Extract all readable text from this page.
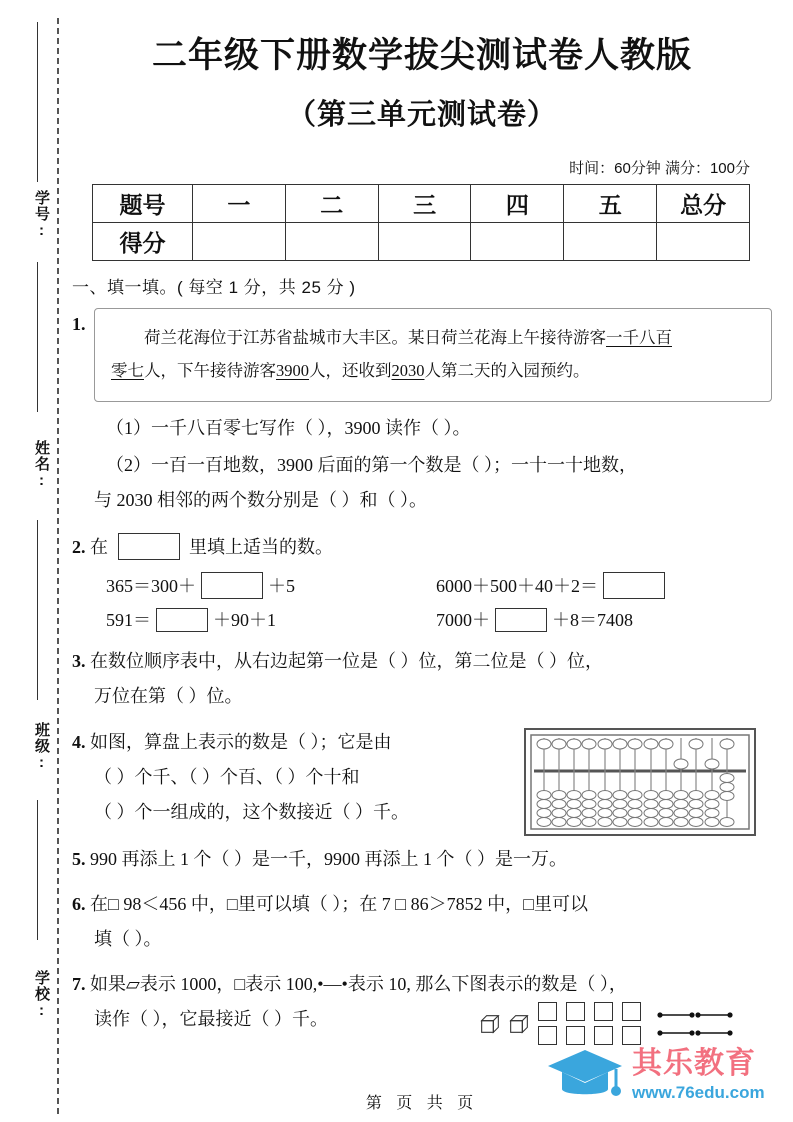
学号:
姓名:
班级:
学校:
二年级下册数学拔尖测试卷人教版
（第三单元测试卷）
时间：60分钟 满分：100分
题号	一	二	三	四	五	总分
得分						
一、填一填。( 每空 1 分，共 25 分 )
1.
荷兰花海位于江苏省盐城市大丰区。某日荷兰花海上午接待游客一千八百
零七人，下午接待游客3900人，还收到2030人第二天的入园预约。
（1）一千八百零七写作（ ），3900 读作（ ）。
（2）一百一百地数，3900 后面的第一个数是（ ）；一十一十地数，
与 2030 相邻的两个数分别是（ ）和（ ）。
2. 在	里填上适当的数。
365＝300＋	＋5	6000＋500＋40＋2＝
591＝	＋90＋1	7000＋	＋8＝7408
3. 在数位顺序表中，从右边起第一位是（ ）位，第二位是（ ）位，
万位在第（ ）位。
4. 如图，算盘上表示的数是（ ）；它是由
（ ）个千、（ ）个百、（ ）个十和
（ ）个一组成的，这个数接近（ ）千。
5. 990 再添上 1 个（ ）是一千，9900 再添上 1 个（ ）是一万。
6. 在□ 98＜456 中，□里可以填（ ）；在 7 □ 86＞7852 中，□里可以
填（ ）。
7. 如果▱表示 1000，□表示 100,•—•表示 10, 那么下图表示的数是（ ），
读作（ ），它最接近（ ）千。
其乐教育
www.76edu.com
第 页 共 页
